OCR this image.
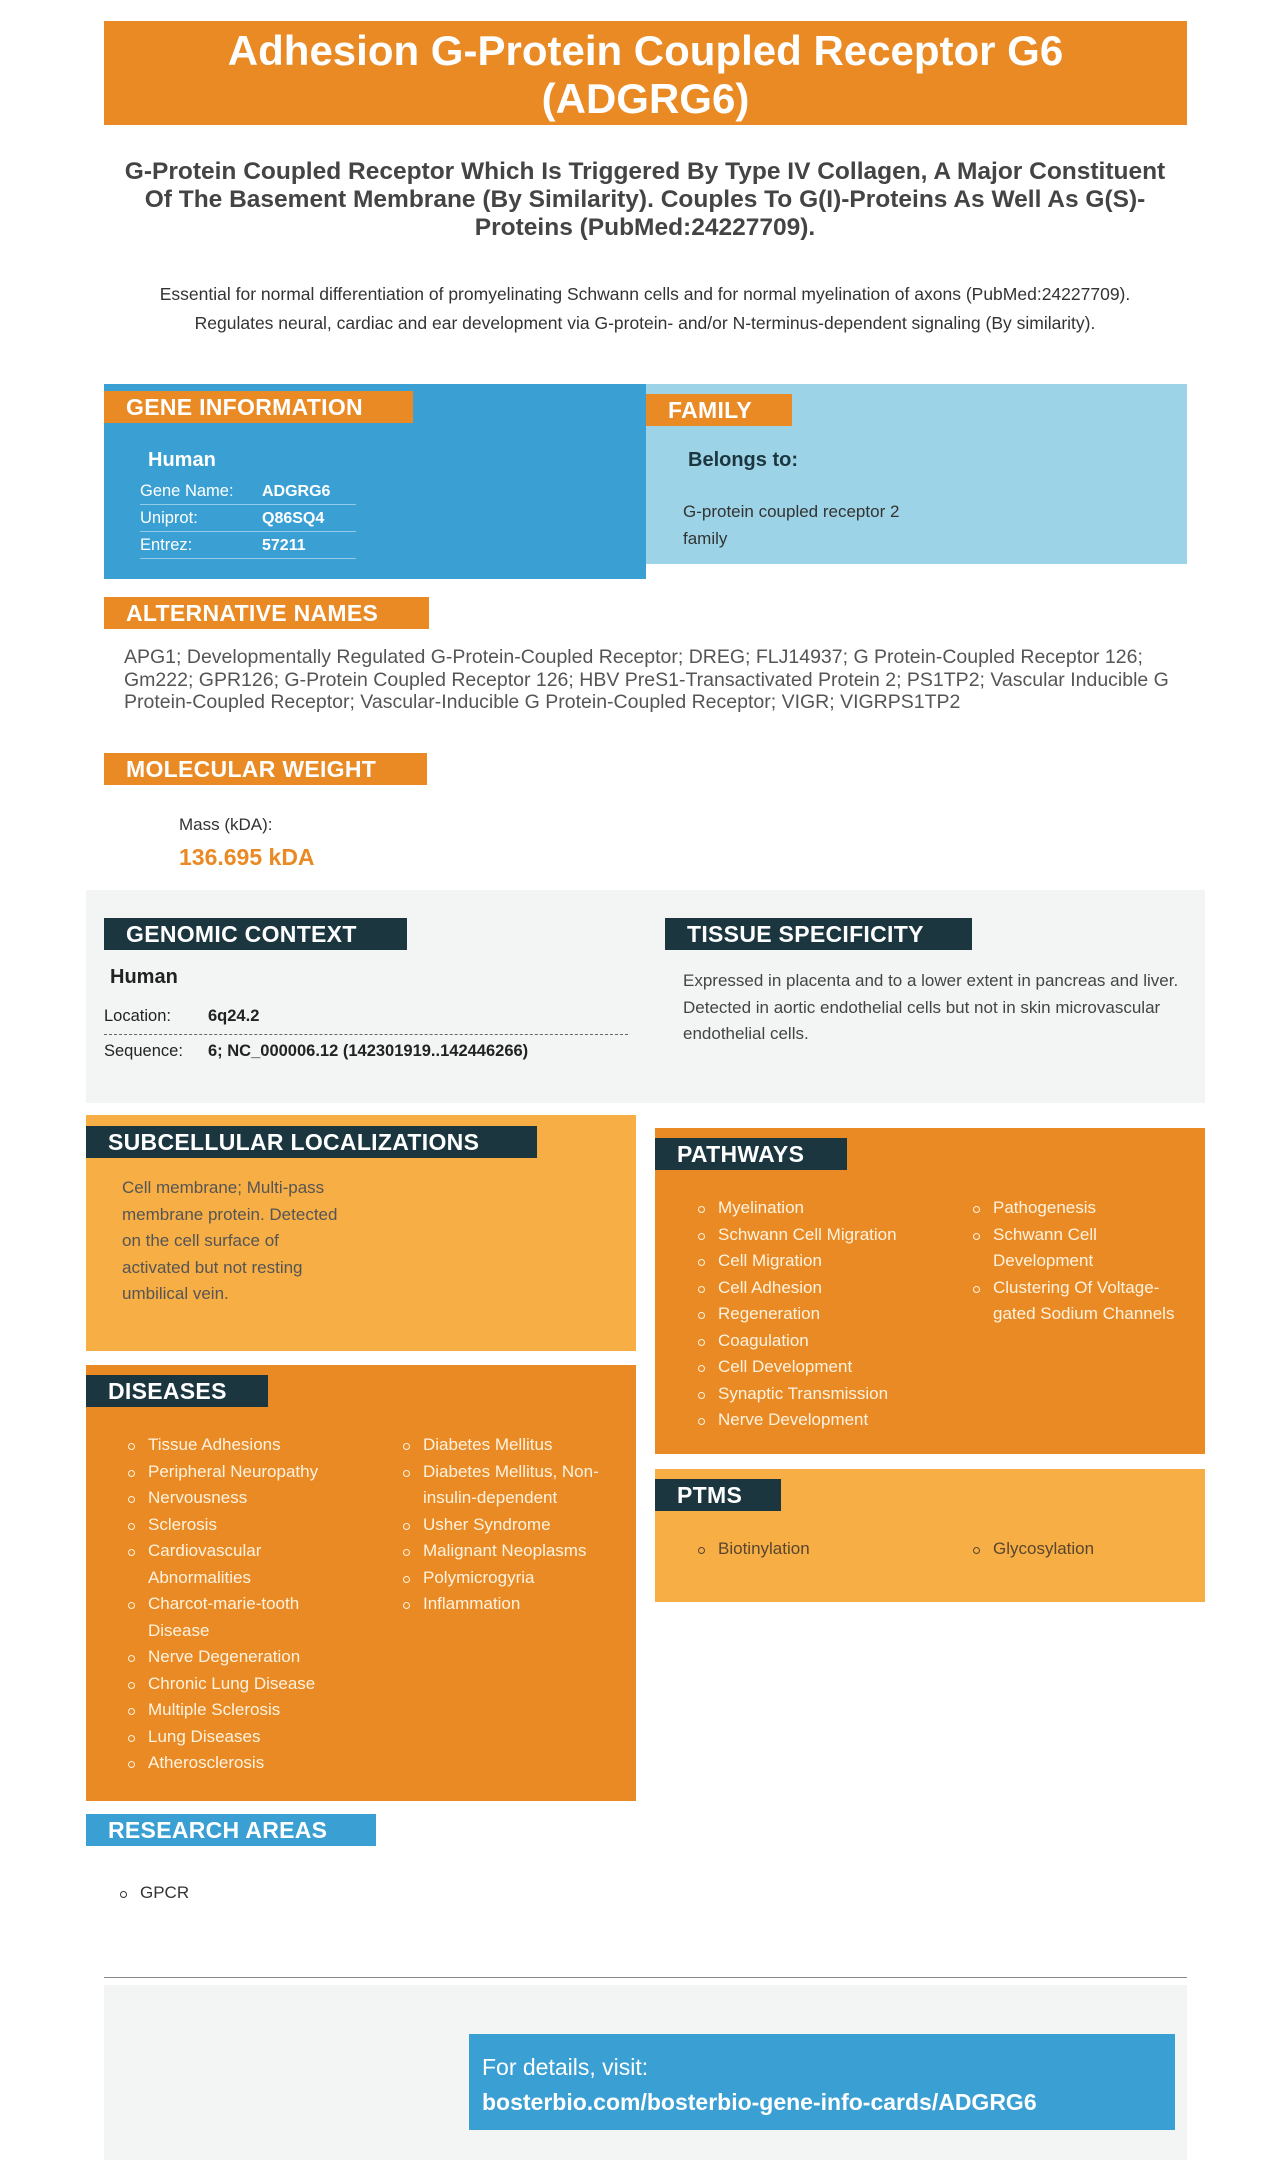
Adhesion G-Protein Coupled Receptor G6
(ADGRG6)
G-Protein Coupled Receptor Which Is Triggered By Type IV Collagen, A Major Constituent Of The Basement Membrane (By Similarity). Couples To G(I)-Proteins As Well As G(S)-Proteins (PubMed:24227709).
Essential for normal differentiation of promyelinating Schwann cells and for normal myelination of axons (PubMed:24227709). Regulates neural, cardiac and ear development via G-protein- and/or N-terminus-dependent signaling (By similarity).
GENE INFORMATION
Human
Gene Name:	ADGRG6
Uniprot:	Q86SQ4
Entrez:	57211
FAMILY
Belongs to:
G-protein coupled receptor 2 family
ALTERNATIVE NAMES
APG1; Developmentally Regulated G-Protein-Coupled Receptor; DREG; FLJ14937; G Protein-Coupled Receptor 126; Gm222; GPR126; G-Protein Coupled Receptor 126; HBV PreS1-Transactivated Protein 2; PS1TP2; Vascular Inducible G Protein-Coupled Receptor; Vascular-Inducible G Protein-Coupled Receptor; VIGR; VIGRPS1TP2
MOLECULAR WEIGHT
Mass (kDA):
136.695 kDA
GENOMIC CONTEXT
Human
Location:	6q24.2
Sequence:	6; NC_000006.12 (142301919..142446266)
TISSUE SPECIFICITY
Expressed in placenta and to a lower extent in pancreas and liver. Detected in aortic endothelial cells but not in skin microvascular endothelial cells.
SUBCELLULAR LOCALIZATIONS
Cell membrane; Multi-pass membrane protein. Detected on the cell surface of activated but not resting umbilical vein.
PATHWAYS
Myelination
Schwann Cell Migration
Cell Migration
Cell Adhesion
Regeneration
Coagulation
Cell Development
Synaptic Transmission
Nerve Development
Pathogenesis
Schwann Cell Development
Clustering Of Voltage-gated Sodium Channels
PTMS
Biotinylation	Glycosylation
DISEASES
Tissue Adhesions
Peripheral Neuropathy
Nervousness
Sclerosis
Cardiovascular Abnormalities
Charcot-marie-tooth Disease
Nerve Degeneration
Chronic Lung Disease
Multiple Sclerosis
Lung Diseases
Atherosclerosis
Diabetes Mellitus
Diabetes Mellitus, Non-insulin-dependent
Usher Syndrome
Malignant Neoplasms
Polymicrogyria
Inflammation
RESEARCH AREAS
GPCR
For details, visit:
bosterbio.com/bosterbio-gene-info-cards/ADGRG6
